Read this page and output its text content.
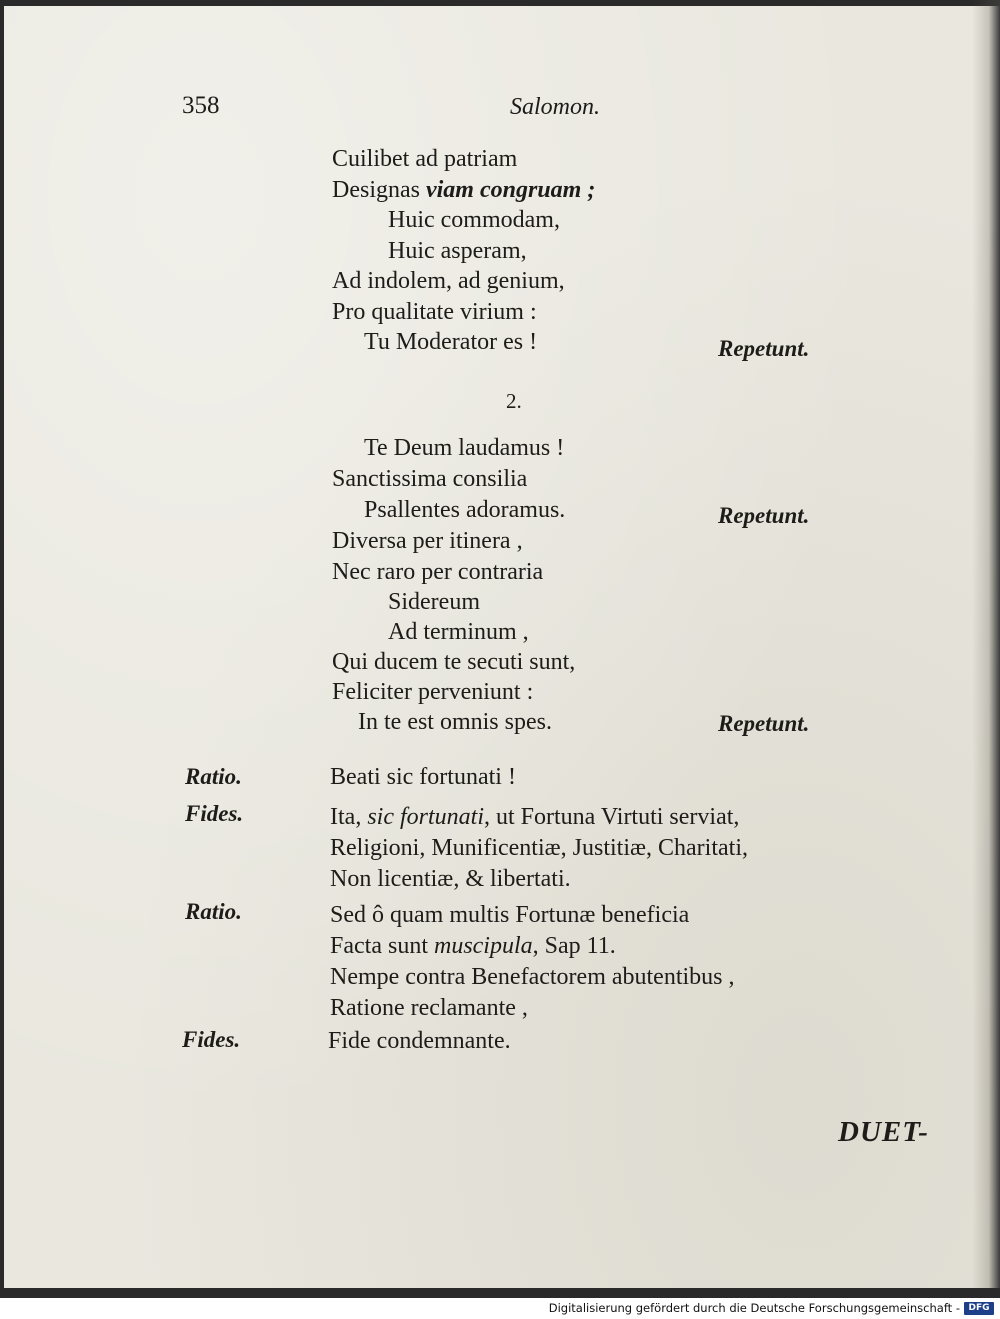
358	Salomon.
Cuilibet ad patriam
Designas viam congruam ;
Huic commodam,
Huic asperam,
Ad indolem, ad genium,
Pro qualitate virium :
Tu Moderator es !	Repetunt.
2.
Te Deum laudamus !
Sanctissima consilia
Psallentes adoramus.	Repetunt.
Diversa per itinera ,
Nec raro per contraria
Sidereum
Ad terminum ,
Qui ducem te secuti sunt,
Feliciter perveniunt :
In te est omnis spes.	Repetunt.
Ratio.	Beati sic fortunati !
Fides.	Ita, sic fortunati, ut Fortuna Virtuti serviat,
Religioni, Munificentiæ, Justitiæ, Charitati,
Non licentiæ, & libertati.
Ratio.	Sed ô quam multis Fortunæ beneficia
Facta sunt muscipula, Sap 11.
Nempe contra Benefactorem abutentibus ,
Ratione reclamante ,
Fides.	Fide condemnante.
DUET-
Digitalisierung gefördert durch die Deutsche Forschungsgemeinschaft - DFG
